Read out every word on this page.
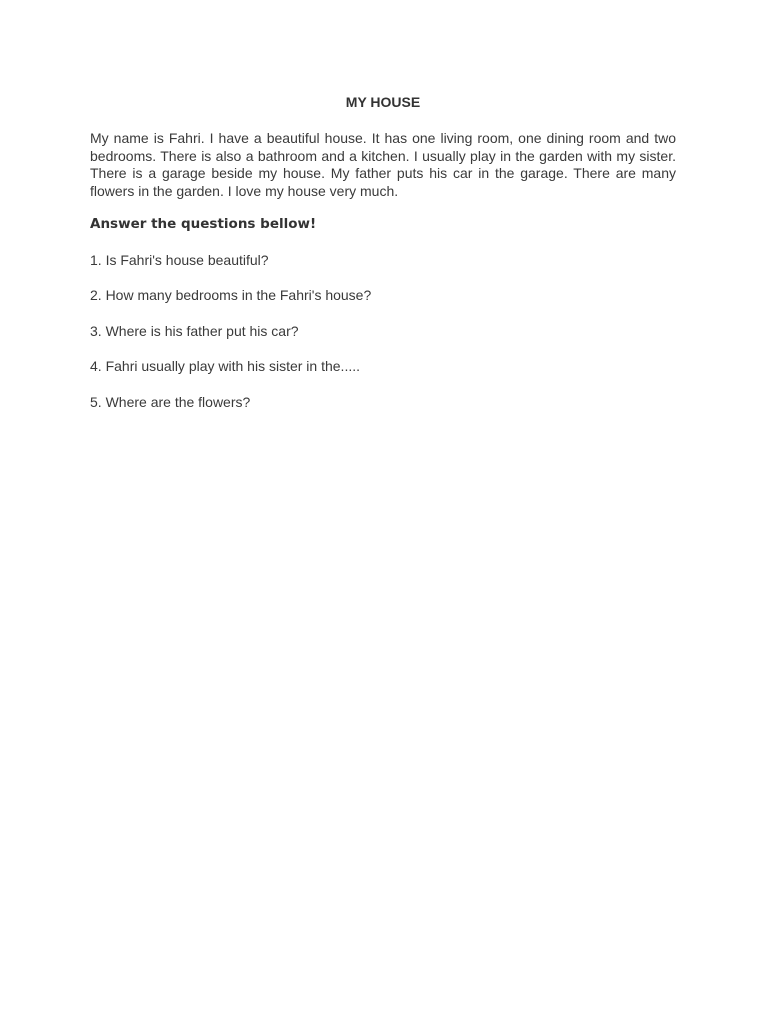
MY HOUSE

My name is Fahri. I have a beautiful house. It has one living room, one dining room and two bedrooms. There is also a bathroom and a kitchen. I usually play in the garden with my sister. There is a garage beside my house. My father puts his car in the garage. There are many flowers in the garden. I love my house very much.

Answer the questions bellow!

1. Is Fahri's house beautiful?
2. How many bedrooms in the Fahri's house?
3. Where is his father put his car?
4. Fahri usually play with his sister in the.....
5. Where are the flowers?
